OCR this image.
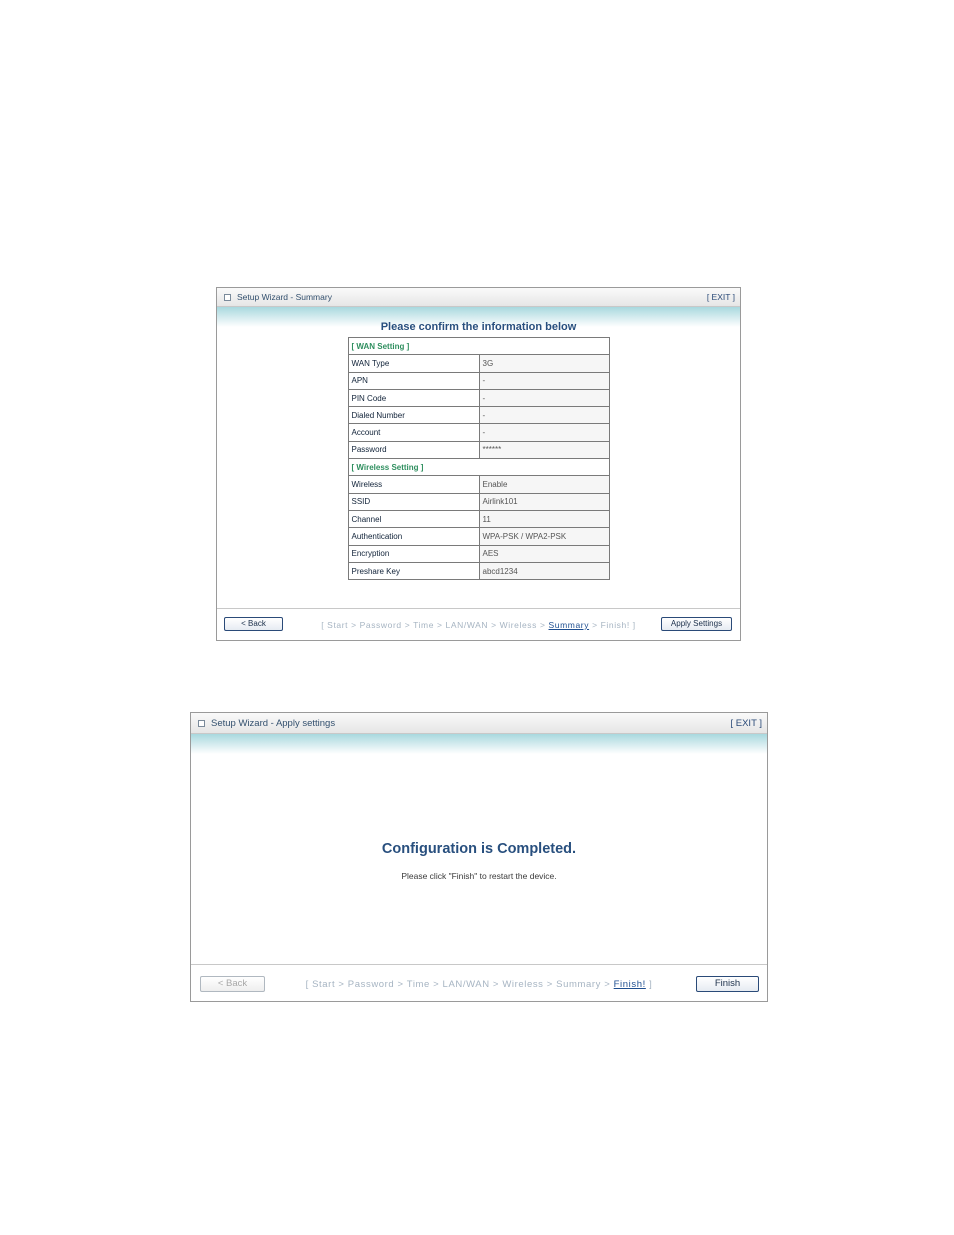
Setup Wizard - Summary	[ EXIT ]
Please confirm the information below
[ WAN Setting ]	
WAN Type	3G
APN	-
PIN Code	-
Dialed Number	-
Account	-
Password	******
[ Wireless Setting ]	
Wireless	Enable
SSID	Airlink101
Channel	11
Authentication	WPA-PSK / WPA2-PSK
Encryption	AES
Preshare Key	abcd1234
< Back	[ Start > Password > Time > LAN/WAN > Wireless > Summary > Finish! ]	Apply Settings
Setup Wizard - Apply settings	[ EXIT ]
Configuration is Completed.
Please click "Finish" to restart the device.
< Back	[ Start > Password > Time > LAN/WAN > Wireless > Summary > Finish! ]	Finish
